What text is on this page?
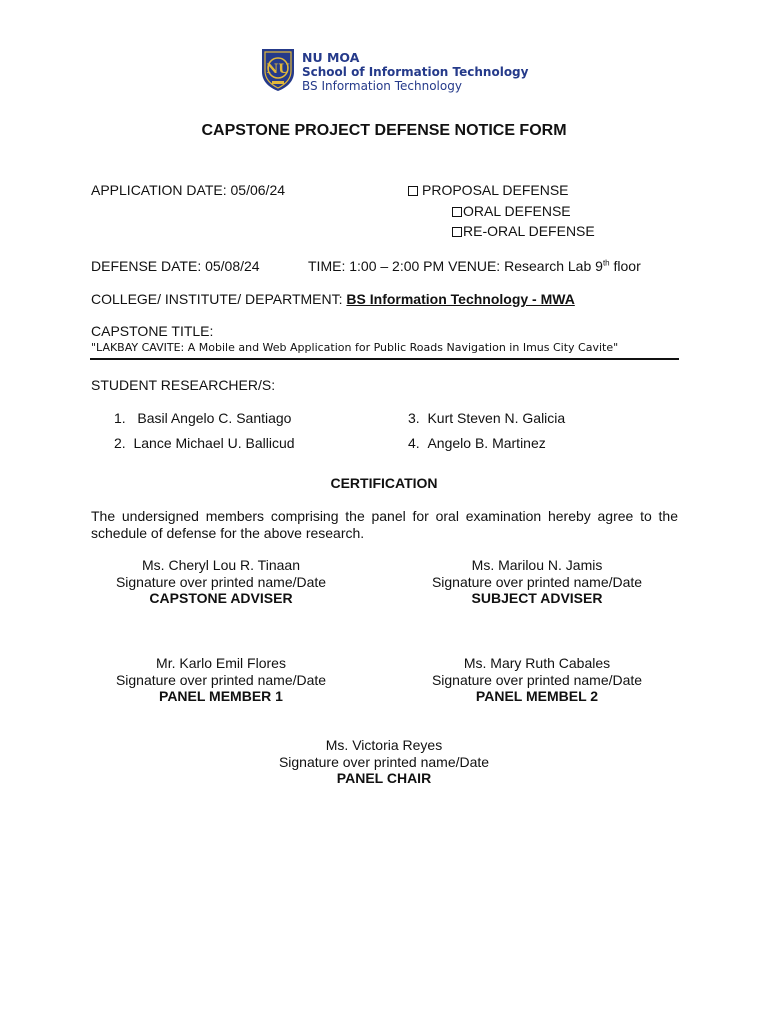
NU
NU MOA
School of Information Technology
BS Information Technology
CAPSTONE PROJECT DEFENSE NOTICE FORM
APPLICATION DATE: 05/06/24	PROPOSAL DEFENSE
ORAL DEFENSE
RE-ORAL DEFENSE
DEFENSE DATE: 05/08/24	TIME: 1:00 – 2:00 PM VENUE: Research Lab 9th floor
COLLEGE/ INSTITUTE/ DEPARTMENT: BS Information Technology - MWA
CAPSTONE TITLE:
"LAKBAY CAVITE: A Mobile and Web Application for Public Roads Navigation in Imus City Cavite"
STUDENT RESEARCHER/S:
1. Basil Angelo C. Santiago
2. Lance Michael U. Ballicud
3. Kurt Steven N. Galicia
4. Angelo B. Martinez
CERTIFICATION
The undersigned members comprising the panel for oral examination hereby agree to the schedule of defense for the above research.
Ms. Cheryl Lou R. Tinaan
Signature over printed name/Date
CAPSTONE ADVISER
Ms. Marilou N. Jamis
Signature over printed name/Date
SUBJECT ADVISER
Mr. Karlo Emil Flores
Signature over printed name/Date
PANEL MEMBER 1
Ms. Mary Ruth Cabales
Signature over printed name/Date
PANEL MEMBEL 2
Ms. Victoria Reyes
Signature over printed name/Date
PANEL CHAIR
